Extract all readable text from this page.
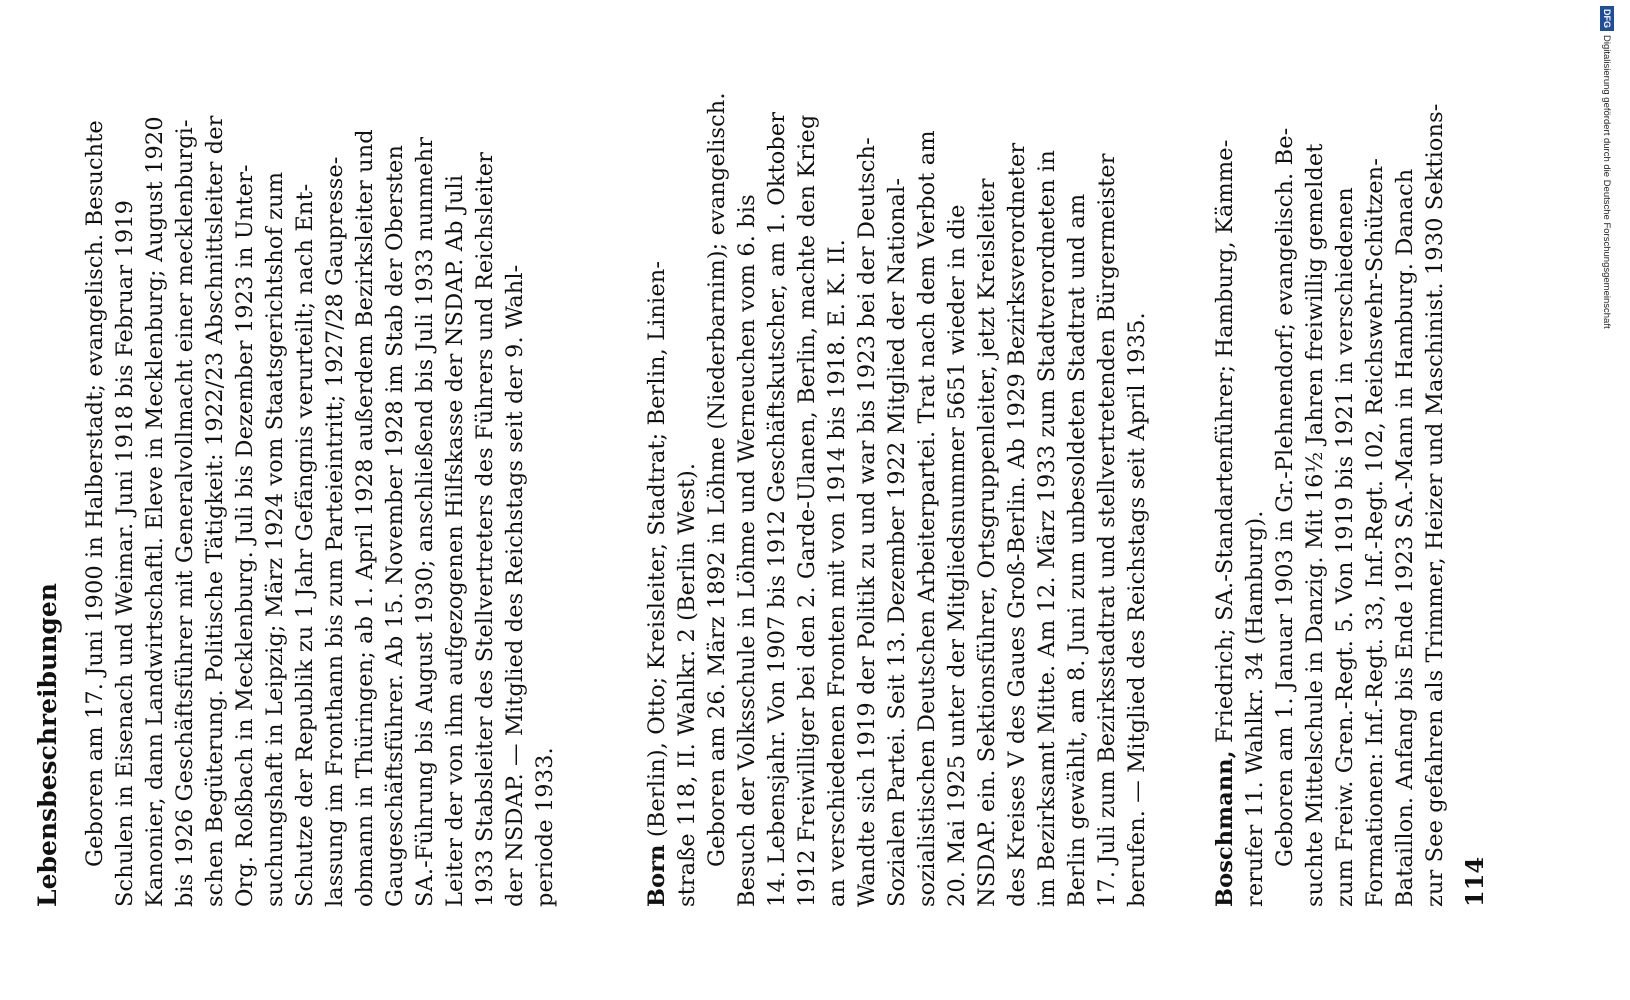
Lebensbeschreibungen Geboren am 17. Juni 1900 in Halberstadt; evangelisch. Besuchte Schulen in Eisenach und Weimar. Juni 1918 bis Februar 1919 Kanonier, dann Landwirtschaftl. Eleve in Mecklenburg; August 1920 bis 1926 Geschäftsführer mit Generalvollmacht einer mecklenburgi- schen Begüterung. Politische Tätigkeit: 1922/23 Abschnittsleiter der Org. Roßbach in Mecklenburg. Juli bis Dezember 1923 in Unter- suchungshaft in Leipzig; März 1924 vom Staatsgerichtshof zum Schutze der Republik zu 1 Jahr Gefängnis verurteilt; nach Ent- lassung im Fronthann bis zum Parteieintritt; 1927/28 Gaupresse- obmann in Thüringen; ab 1. April 1928 außerdem Bezirksleiter und Gaugeschäftsführer. Ab 15. November 1928 im Stab der Obersten SA.-Führung bis August 1930; anschließend bis Juli 1933 nunmehr Leiter der von ihm aufgezogenen Hilfskasse der NSDAP. Ab Juli 1933 Stabsleiter des Stellvertreters des Führers und Reichsleiter der NSDAP. — Mitglied des Reichstags seit der 9. Wahl- periode 1933.	Born (Berlin), Otto; Kreisleiter, Stadtrat; Berlin, Linien- straße 118, II. Wahlkr. 2 (Berlin West). Geboren am 26. März 1892 in Löhme (Niederbarnim); evangelisch. Besuch der Volksschule in Löhme und Werneuchen vom 6. bis 14. Lebensjahr. Von 1907 bis 1912 Geschäftskutscher, am 1. Oktober 1912 Freiwilliger bei den 2. Garde-Ulanen, Berlin, machte den Krieg an verschiedenen Fronten mit von 1914 bis 1918. E. K. II. Wandte sich 1919 der Politik zu und war bis 1923 bei der Deutsch- Sozialen Partei. Seit 13. Dezember 1922 Mitglied der National- sozialistischen Deutschen Arbeiterpartei. Trat nach dem Verbot am 20. Mai 1925 unter der Mitgliedsnummer 5651 wieder in die NSDAP. ein. Sektionsführer, Ortsgruppenleiter, jetzt Kreisleiter des Kreises V des Gaues Groß-Berlin. Ab 1929 Bezirksverordneter im Bezirksamt Mitte. Am 12. März 1933 zum Stadtverordneten in Berlin gewählt, am 8. Juni zum unbesoldeten Stadtrat und am 17. Juli zum Bezirksstadtrat und stellvertretenden Bürgermeister berufen. — Mitglied des Reichstags seit April 1935.	Boschmann, Friedrich; SA.-Standartenführer; Hamburg, Kämme- rerufer 11. Wahlkr. 34 (Hamburg). Geboren am 1. Januar 1903 in Gr.-Plehnendorf; evangelisch. Be- suchte Mittelschule in Danzig. Mit 16½ Jahren freiwillig gemeldet zum Freiw. Gren.-Regt. 5. Von 1919 bis 1921 in verschiedenen Formationen: Inf.-Regt. 33, Inf.-Regt. 102, Reichswehr-Schützen- Bataillon. Anfang bis Ende 1923 SA.-Mann in Hamburg. Danach zur See gefahren als Trimmer, Heizer und Maschinist. 1930 Sektions- 114
DFG
Digitalisierung gefördert durch die Deutsche Forschungsgemeinschaft
